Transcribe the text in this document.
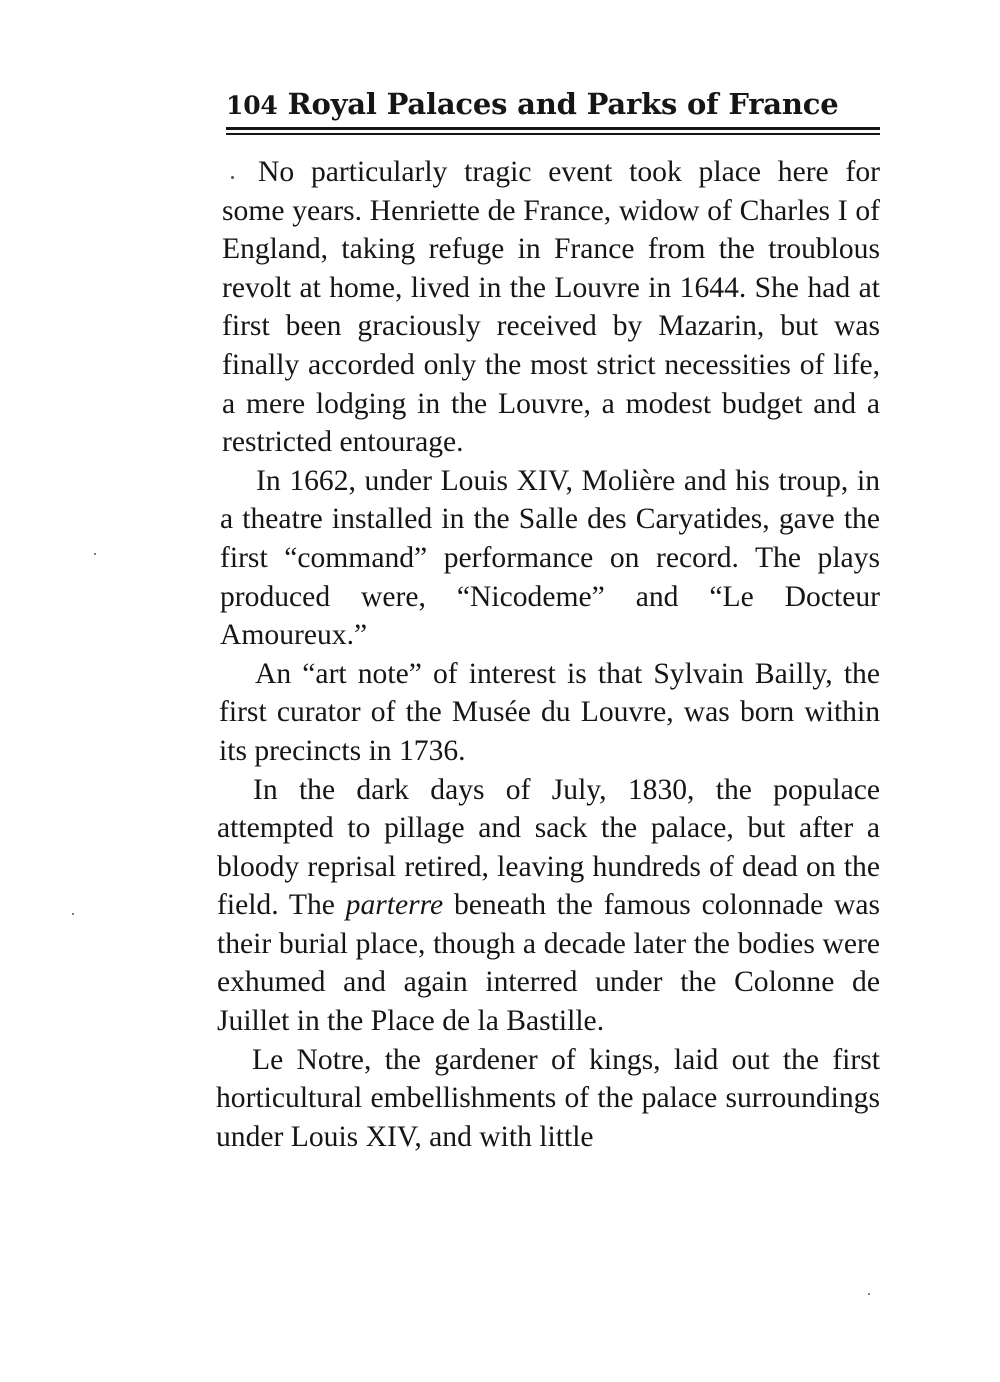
104 Royal Palaces and Parks of France

No particularly tragic event took place here for some years. Henriette de France, widow of Charles I of England, taking refuge in France from the troublous revolt at home, lived in the Louvre in 1644. She had at first been graciously received by Mazarin, but was finally accorded only the most strict necessities of life, a mere lodging in the Louvre, a modest budget and a restricted entourage.

In 1662, under Louis XIV, Molière and his troup, in a theatre installed in the Salle des Caryatides, gave the first “command” performance on record. The plays produced were, “Nicodeme” and “Le Docteur Amoureux.”

An “art note” of interest is that Sylvain Bailly, the first curator of the Musée du Louvre, was born within its precincts in 1736.

In the dark days of July, 1830, the populace attempted to pillage and sack the palace, but after a bloody reprisal retired, leaving hundreds of dead on the field. The parterre beneath the famous colonnade was their burial place, though a decade later the bodies were exhumed and again interred under the Colonne de Juillet in the Place de la Bastille.

Le Notre, the gardener of kings, laid out the first horticultural embellishments of the palace surroundings under Louis XIV, and with little
